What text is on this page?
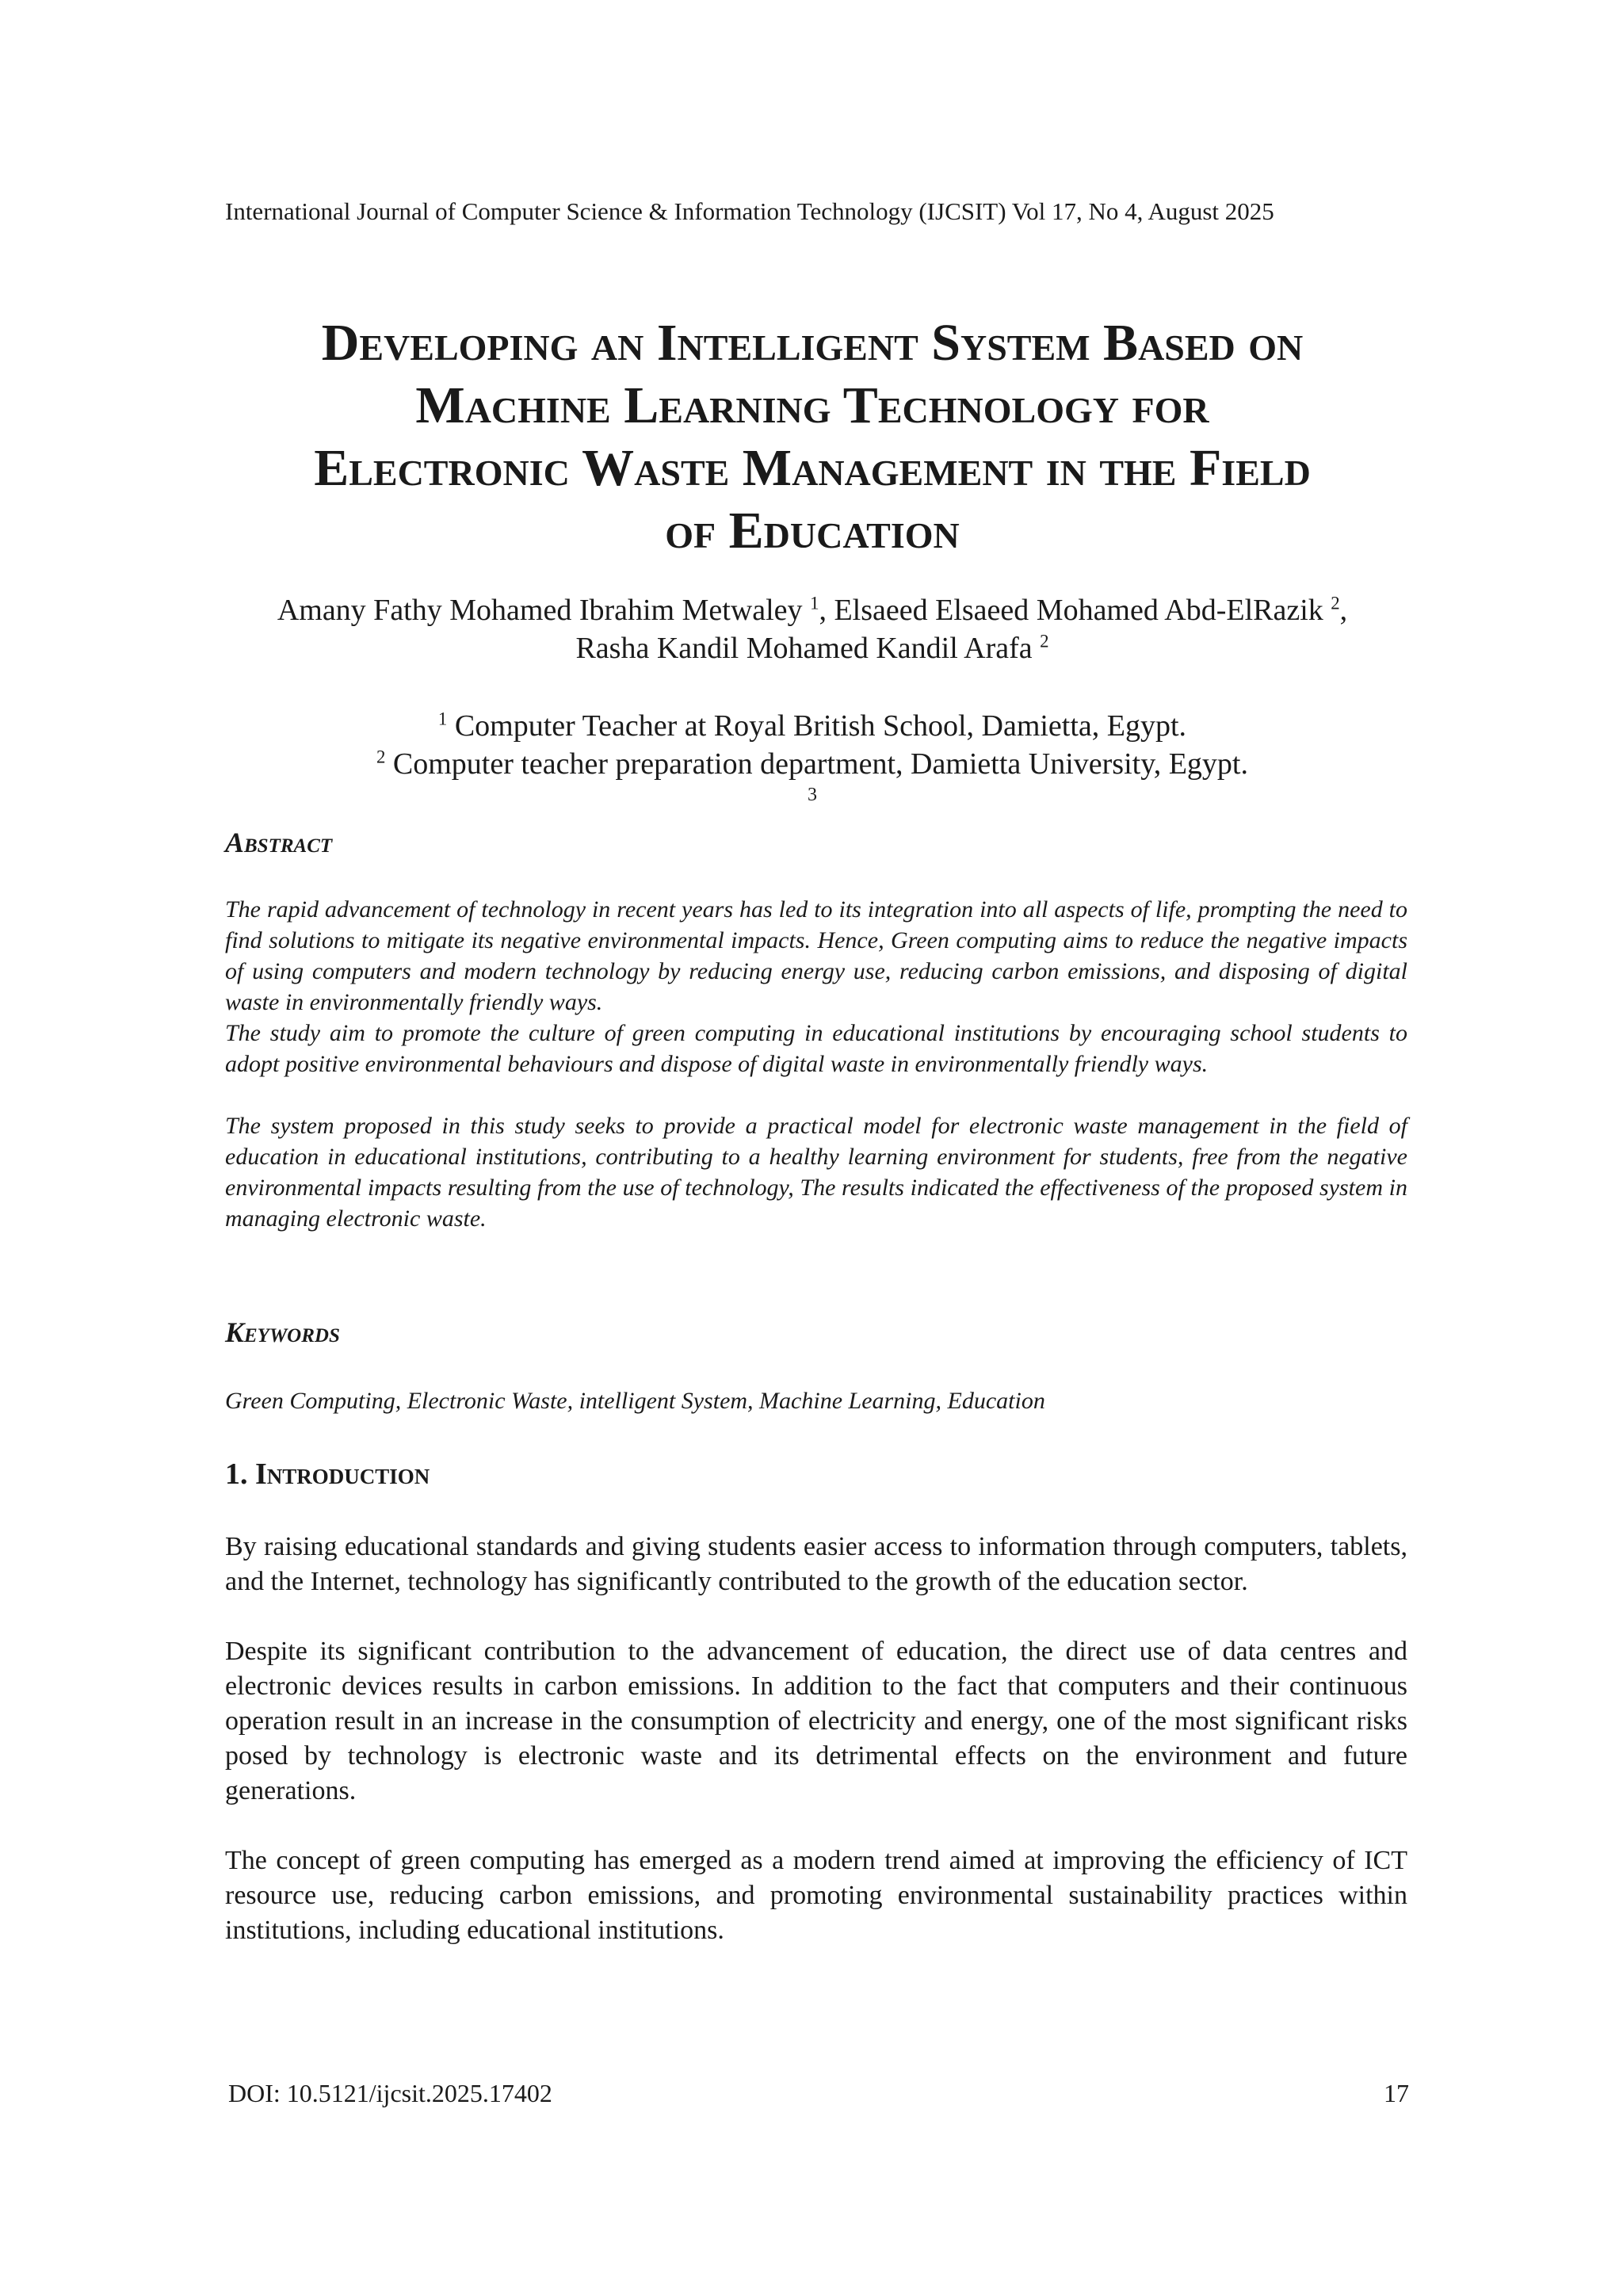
International Journal of Computer Science & Information Technology (IJCSIT) Vol 17, No 4, August 2025
Developing an Intelligent System Based on
Machine Learning Technology for
Electronic Waste Management in the Field
of Education
Amany Fathy Mohamed Ibrahim Metwaley $^1$, Elsaeed Elsaeed Mohamed Abd-ElRazik $^2$,
Rasha Kandil Mohamed Kandil Arafa $^2$
$^1$ Computer Teacher at Royal British School, Damietta, Egypt.
$^2$ Computer teacher preparation department, Damietta University, Egypt.
3
Abstract

The rapid advancement of technology in recent years has led to its integration into all aspects of life, prompting the need to find solutions to mitigate its negative environmental impacts. Hence, Green computing aims to reduce the negative impacts of using computers and modern technology by reducing energy use, reducing carbon emissions, and disposing of digital waste in environmentally friendly ways.

The study aim to promote the culture of green computing in educational institutions by encouraging school students to adopt positive environmental behaviours and dispose of digital waste in environmentally friendly ways.

The system proposed in this study seeks to provide a practical model for electronic waste management in the field of education in educational institutions, contributing to a healthy learning environment for students, free from the negative environmental impacts resulting from the use of technology, The results indicated the effectiveness of the proposed system in managing electronic waste.

Keywords
Green Computing, Electronic Waste, intelligent System, Machine Learning, Education
1. Introduction

By raising educational standards and giving students easier access to information through computers, tablets, and the Internet, technology has significantly contributed to the growth of the education sector.

Despite its significant contribution to the advancement of education, the direct use of data centres and electronic devices results in carbon emissions. In addition to the fact that computers and their continuous operation result in an increase in the consumption of electricity and energy, one of the most significant risks posed by technology is electronic waste and its detrimental effects on the environment and future generations.

The concept of green computing has emerged as a modern trend aimed at improving the efficiency of ICT resource use, reducing carbon emissions, and promoting environmental sustainability practices within institutions, including educational institutions.

DOI: 10.5121/ijcsit.2025.17402	17
